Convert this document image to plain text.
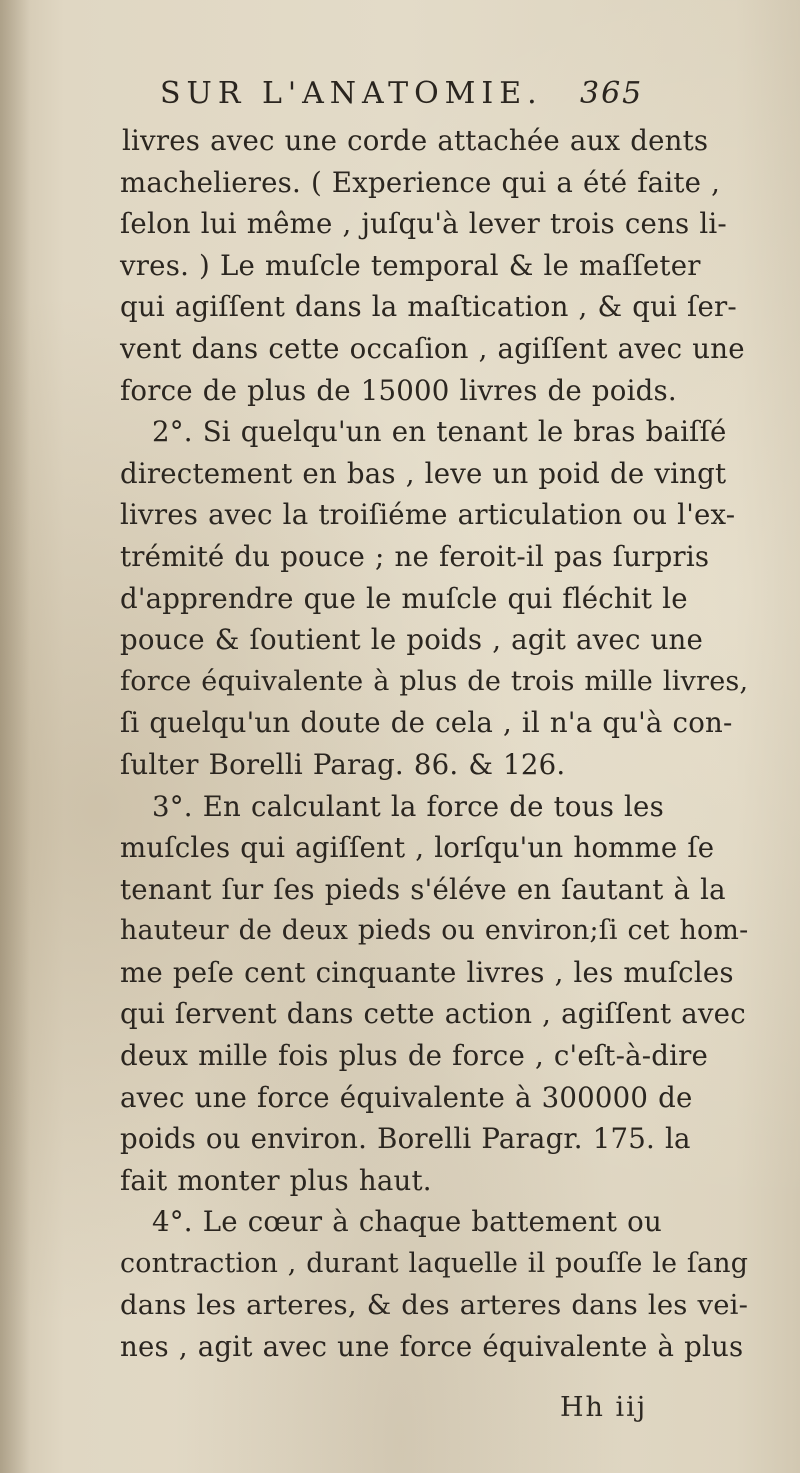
SUR L'ANATOMIE. 365
livres avec une corde attachée aux dents
machelieres. ( Experience qui a été faite ,
ſelon lui même , juſqu'à lever trois cens li-
vres. ) Le muſcle temporal & le maſſeter
qui agiſſent dans la maſtication , & qui ſer-
vent dans cette occaſion , agiſſent avec une
force de plus de 15000 livres de poids.
2°. Si quelqu'un en tenant le bras baiſſé
directement en bas , leve un poid de vingt
livres avec la troiſiéme articulation ou l'ex-
trémité du pouce ; ne feroit-il pas ſurpris
d'apprendre que le muſcle qui fléchit le
pouce & ſoutient le poids , agit avec une
force équivalente à plus de trois mille livres,
ſi quelqu'un doute de cela , il n'a qu'à con-
ſulter Borelli Parag. 86. & 126.
3°. En calculant la force de tous les
muſcles qui agiſſent , lorſqu'un homme ſe
tenant ſur ſes pieds s'éléve en ſautant à la
hauteur de deux pieds ou environ;ſi cet hom-
me peſe cent cinquante livres , les muſcles
qui ſervent dans cette action , agiſſent avec
deux mille fois plus de force , c'eſt-à-dire
avec une force équivalente à 300000 de
poids ou environ. Borelli Paragr. 175. la
fait monter plus haut.
4°. Le cœur à chaque battement ou
contraction , durant laquelle il pouſſe le ſang
dans les arteres, & des arteres dans les vei-
nes , agit avec une force équivalente à plus
Hh iij
